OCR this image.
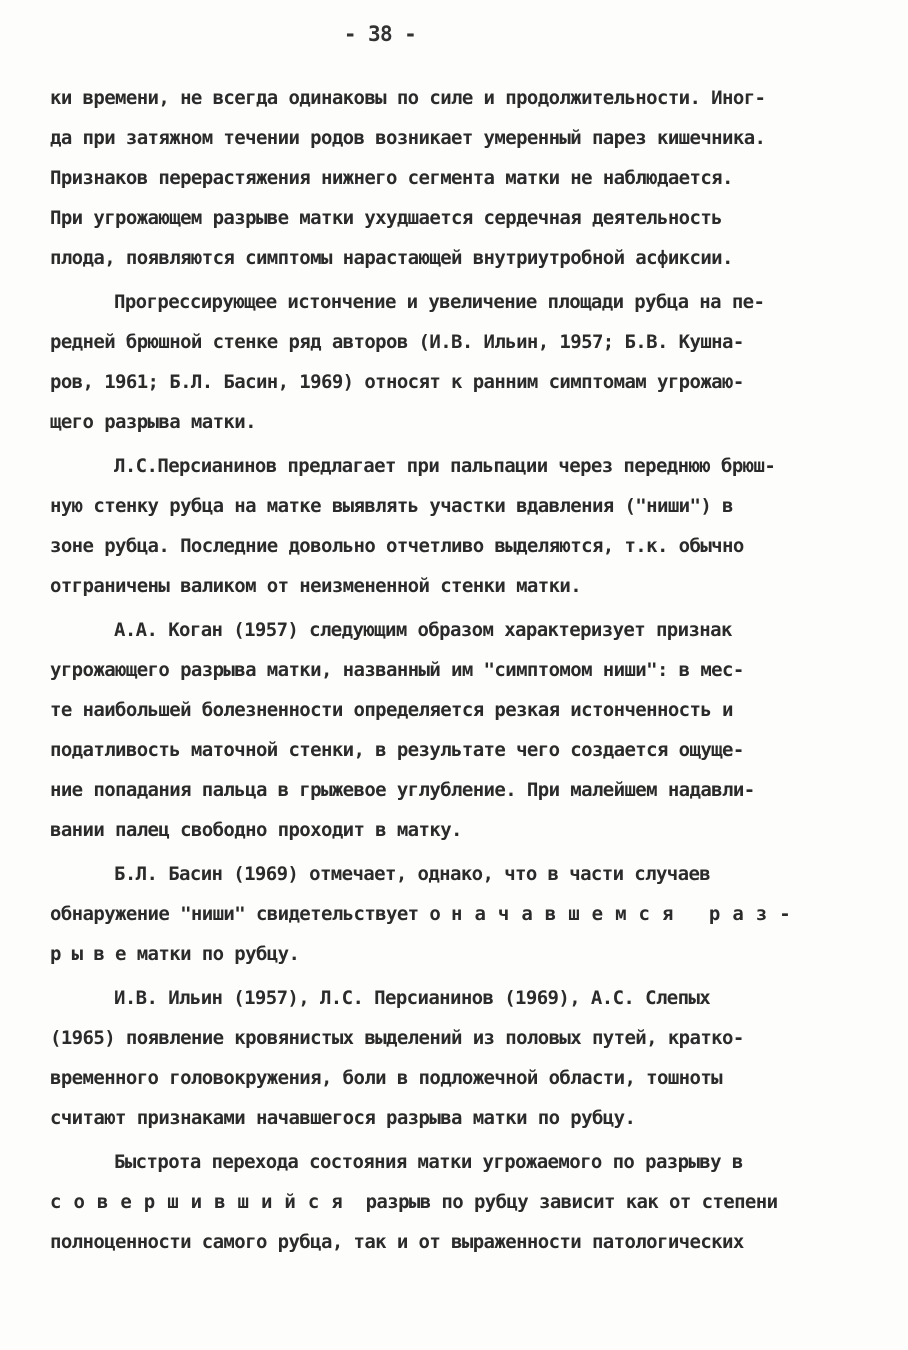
- 38 -
ки времени, не всегда одинаковы по силе и продолжительности. Иног-
да при затяжном течении родов возникает умеренный парез кишечника.
Признаков перерастяжения нижнего сегмента матки не наблюдается.
При угрожающем разрыве матки ухудшается сердечная деятельность
плода, появляются симптомы нарастающей внутриутробной асфиксии.
Прогрессирующее истончение и увеличение площади рубца на пе-
редней брюшной стенке ряд авторов (И.В. Ильин, 1957; Б.В. Кушна-
ров, 1961; Б.Л. Басин, 1969) относят к ранним симптомам угрожаю-
щего разрыва матки.
Л.С.Персианинов предлагает при пальпации через переднюю брюш-
ную стенку рубца на матке выявлять участки вдавления ("ниши") в
зоне рубца. Последние довольно отчетливо выделяются, т.к. обычно
отграничены валиком от неизмененной стенки матки.
А.А. Коган (1957) следующим образом характеризует признак
угрожающего разрыва матки, названный им "симптомом ниши": в мес-
те наибольшей болезненности определяется резкая истонченность и
податливость маточной стенки, в результате чего создается ощуще-
ние попадания пальца в грыжевое углубление. При малейшем надавли-
вании палец свободно проходит в матку.
Б.Л. Басин (1969) отмечает, однако, что в части случаев
обнаружение "ниши" свидетельствует о начавшемся раз-
р ы в е матки по рубцу.
И.В. Ильин (1957), Л.С. Персианинов (1969), А.С. Слепых
(1965) появление кровянистых выделений из половых путей, кратко-
временного головокружения, боли в подложечной области, тошноты
считают признаками начавшегося разрыва матки по рубцу.
Быстрота перехода состояния матки угрожаемого по разрыву в
совершившийся разрыв по рубцу зависит как от степени
полноценности самого рубца, так и от выраженности патологических
